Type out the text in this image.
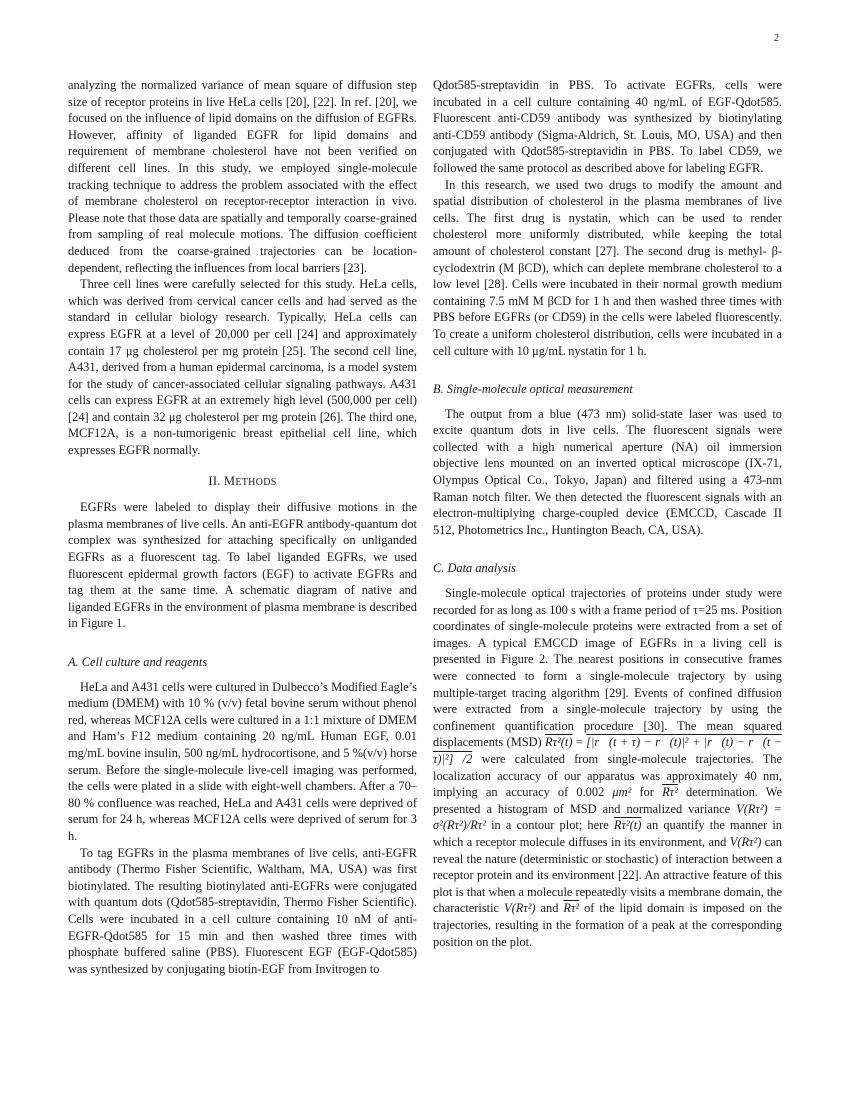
2

analyzing the normalized variance of mean square of diffusion step size of receptor proteins in live HeLa cells [20], [22]. In ref. [20], we focused on the influence of lipid domains on the diffusion of EGFRs. However, affinity of liganded EGFR for lipid domains and requirement of membrane cholesterol have not been verified on different cell lines. In this study, we employed single-molecule tracking technique to address the problem associated with the effect of membrane cholesterol on receptor-receptor interaction in vivo. Please note that those data are spatially and temporally coarse-grained from sampling of real molecule motions. The diffusion coefficient deduced from the coarse-grained trajectories can be location-dependent, reflecting the influences from local barriers [23].

Three cell lines were carefully selected for this study. HeLa cells, which was derived from cervical cancer cells and had served as the standard in cellular biology research. Typically, HeLa cells can express EGFR at a level of 20,000 per cell [24] and approximately contain 17 μg cholesterol per mg protein [25]. The second cell line, A431, derived from a human epidermal carcinoma, is a model system for the study of cancer-associated cellular signaling pathways. A431 cells can express EGFR at an extremely high level (500,000 per cell) [24] and contain 32 μg cholesterol per mg protein [26]. The third one, MCF12A, is a non-tumorigenic breast epithelial cell line, which expresses EGFR normally.

II. METHODS

EGFRs were labeled to display their diffusive motions in the plasma membranes of live cells. An anti-EGFR antibody-quantum dot complex was synthesized for attaching specifically on unliganded EGFRs as a fluorescent tag. To label liganded EGFRs, we used fluorescent epidermal growth factors (EGF) to activate EGFRs and tag them at the same time. A schematic diagram of native and liganded EGFRs in the environment of plasma membrane is described in Figure 1.

A. Cell culture and reagents

HeLa and A431 cells were cultured in Dulbecco’s Modified Eagle’s medium (DMEM) with 10 % (v/v) fetal bovine serum without phenol red, whereas MCF12A cells were cultured in a 1:1 mixture of DMEM and Ham’s F12 medium containing 20 ng/mL Human EGF, 0.01 mg/mL bovine insulin, 500 ng/mL hydrocortisone, and 5 %(v/v) horse serum. Before the single-molecule live-cell imaging was performed, the cells were plated in a slide with eight-well chambers. After a 70–80 % confluence was reached, HeLa and A431 cells were deprived of serum for 24 h, whereas MCF12A cells were deprived of serum for 3 h.

To tag EGFRs in the plasma membranes of live cells, anti-EGFR antibody (Thermo Fisher Scientific, Waltham, MA, USA) was first biotinylated. The resulting biotinylated anti-EGFRs were conjugated with quantum dots (Qdot585-streptavidin, Thermo Fisher Scientific). Cells were incubated in a cell culture containing 10 nM of anti-EGFR-Qdot585 for 15 min and then washed three times with phosphate buffered saline (PBS). Fluorescent EGF (EGF-Qdot585) was synthesized by conjugating biotin-EGF from Invitrogen to

Qdot585-streptavidin in PBS. To activate EGFRs, cells were incubated in a cell culture containing 40 ng/mL of EGF-Qdot585. Fluorescent anti-CD59 antibody was synthesized by biotinylating anti-CD59 antibody (Sigma-Aldrich, St. Louis, MO, USA) and then conjugated with Qdot585-streptavidin in PBS. To label CD59, we followed the same protocol as described above for labeling EGFR.

In this research, we used two drugs to modify the amount and spatial distribution of cholesterol in the plasma membranes of live cells. The first drug is nystatin, which can be used to render cholesterol more uniformly distributed, while keeping the total amount of cholesterol constant [27]. The second drug is methyl- β-cyclodextrin (M βCD), which can deplete membrane cholesterol to a low level [28]. Cells were incubated in their normal growth medium containing 7.5 mM M βCD for 1 h and then washed three times with PBS before EGFRs (or CD59) in the cells were labeled fluorescently. To create a uniform cholesterol distribution, cells were incubated in a cell culture with 10 μg/mL nystatin for 1 h.

B. Single-molecule optical measurement

The output from a blue (473 nm) solid-state laser was used to excite quantum dots in live cells. The fluorescent signals were collected with a high numerical aperture (NA) oil immersion objective lens mounted on an inverted optical microscope (IX-71, Olympus Optical Co., Tokyo, Japan) and filtered using a 473-nm Raman notch filter. We then detected the fluorescent signals with an electron-multiplying charge-coupled device (EMCCD, Cascade II 512, Photometrics Inc., Huntington Beach, CA, USA).

C. Data analysis

Single-molecule optical trajectories of proteins under study were recorded for as long as 100 s with a frame period of τ=25 ms. Position coordinates of single-molecule proteins were extracted from a set of images. A typical EMCCD image of EGFRs in a living cell is presented in Figure 2. The nearest positions in consecutive frames were connected to form a single-molecule trajectory by using multiple-target tracing algorithm [29]. Events of confined diffusion were extracted from a single-molecule trajectory by using the confinement quantification procedure [30]. The mean squared displacements (MSD) Rτ²(t) = [|r⃗(t + τ) − r⃗(t)|² + |r⃗(t) − r⃗(t − τ)|²] /2 were calculated from single-molecule trajectories. The localization accuracy of our apparatus was approximately 40 nm, implying an accuracy of 0.002 μm² for Rτ² determination. We presented a histogram of MSD and normalized variance V(Rτ²) = σ²(Rτ²)/Rτ² in a contour plot; here Rτ²(t) an quantify the manner in which a receptor molecule diffuses in its environment, and V(Rτ²) can reveal the nature (deterministic or stochastic) of interaction between a receptor protein and its environment [22]. An attractive feature of this plot is that when a molecule repeatedly visits a membrane domain, the characteristic V(Rτ²) and Rτ² of the lipid domain is imposed on the trajectories, resulting in the formation of a peak at the corresponding position on the plot.
